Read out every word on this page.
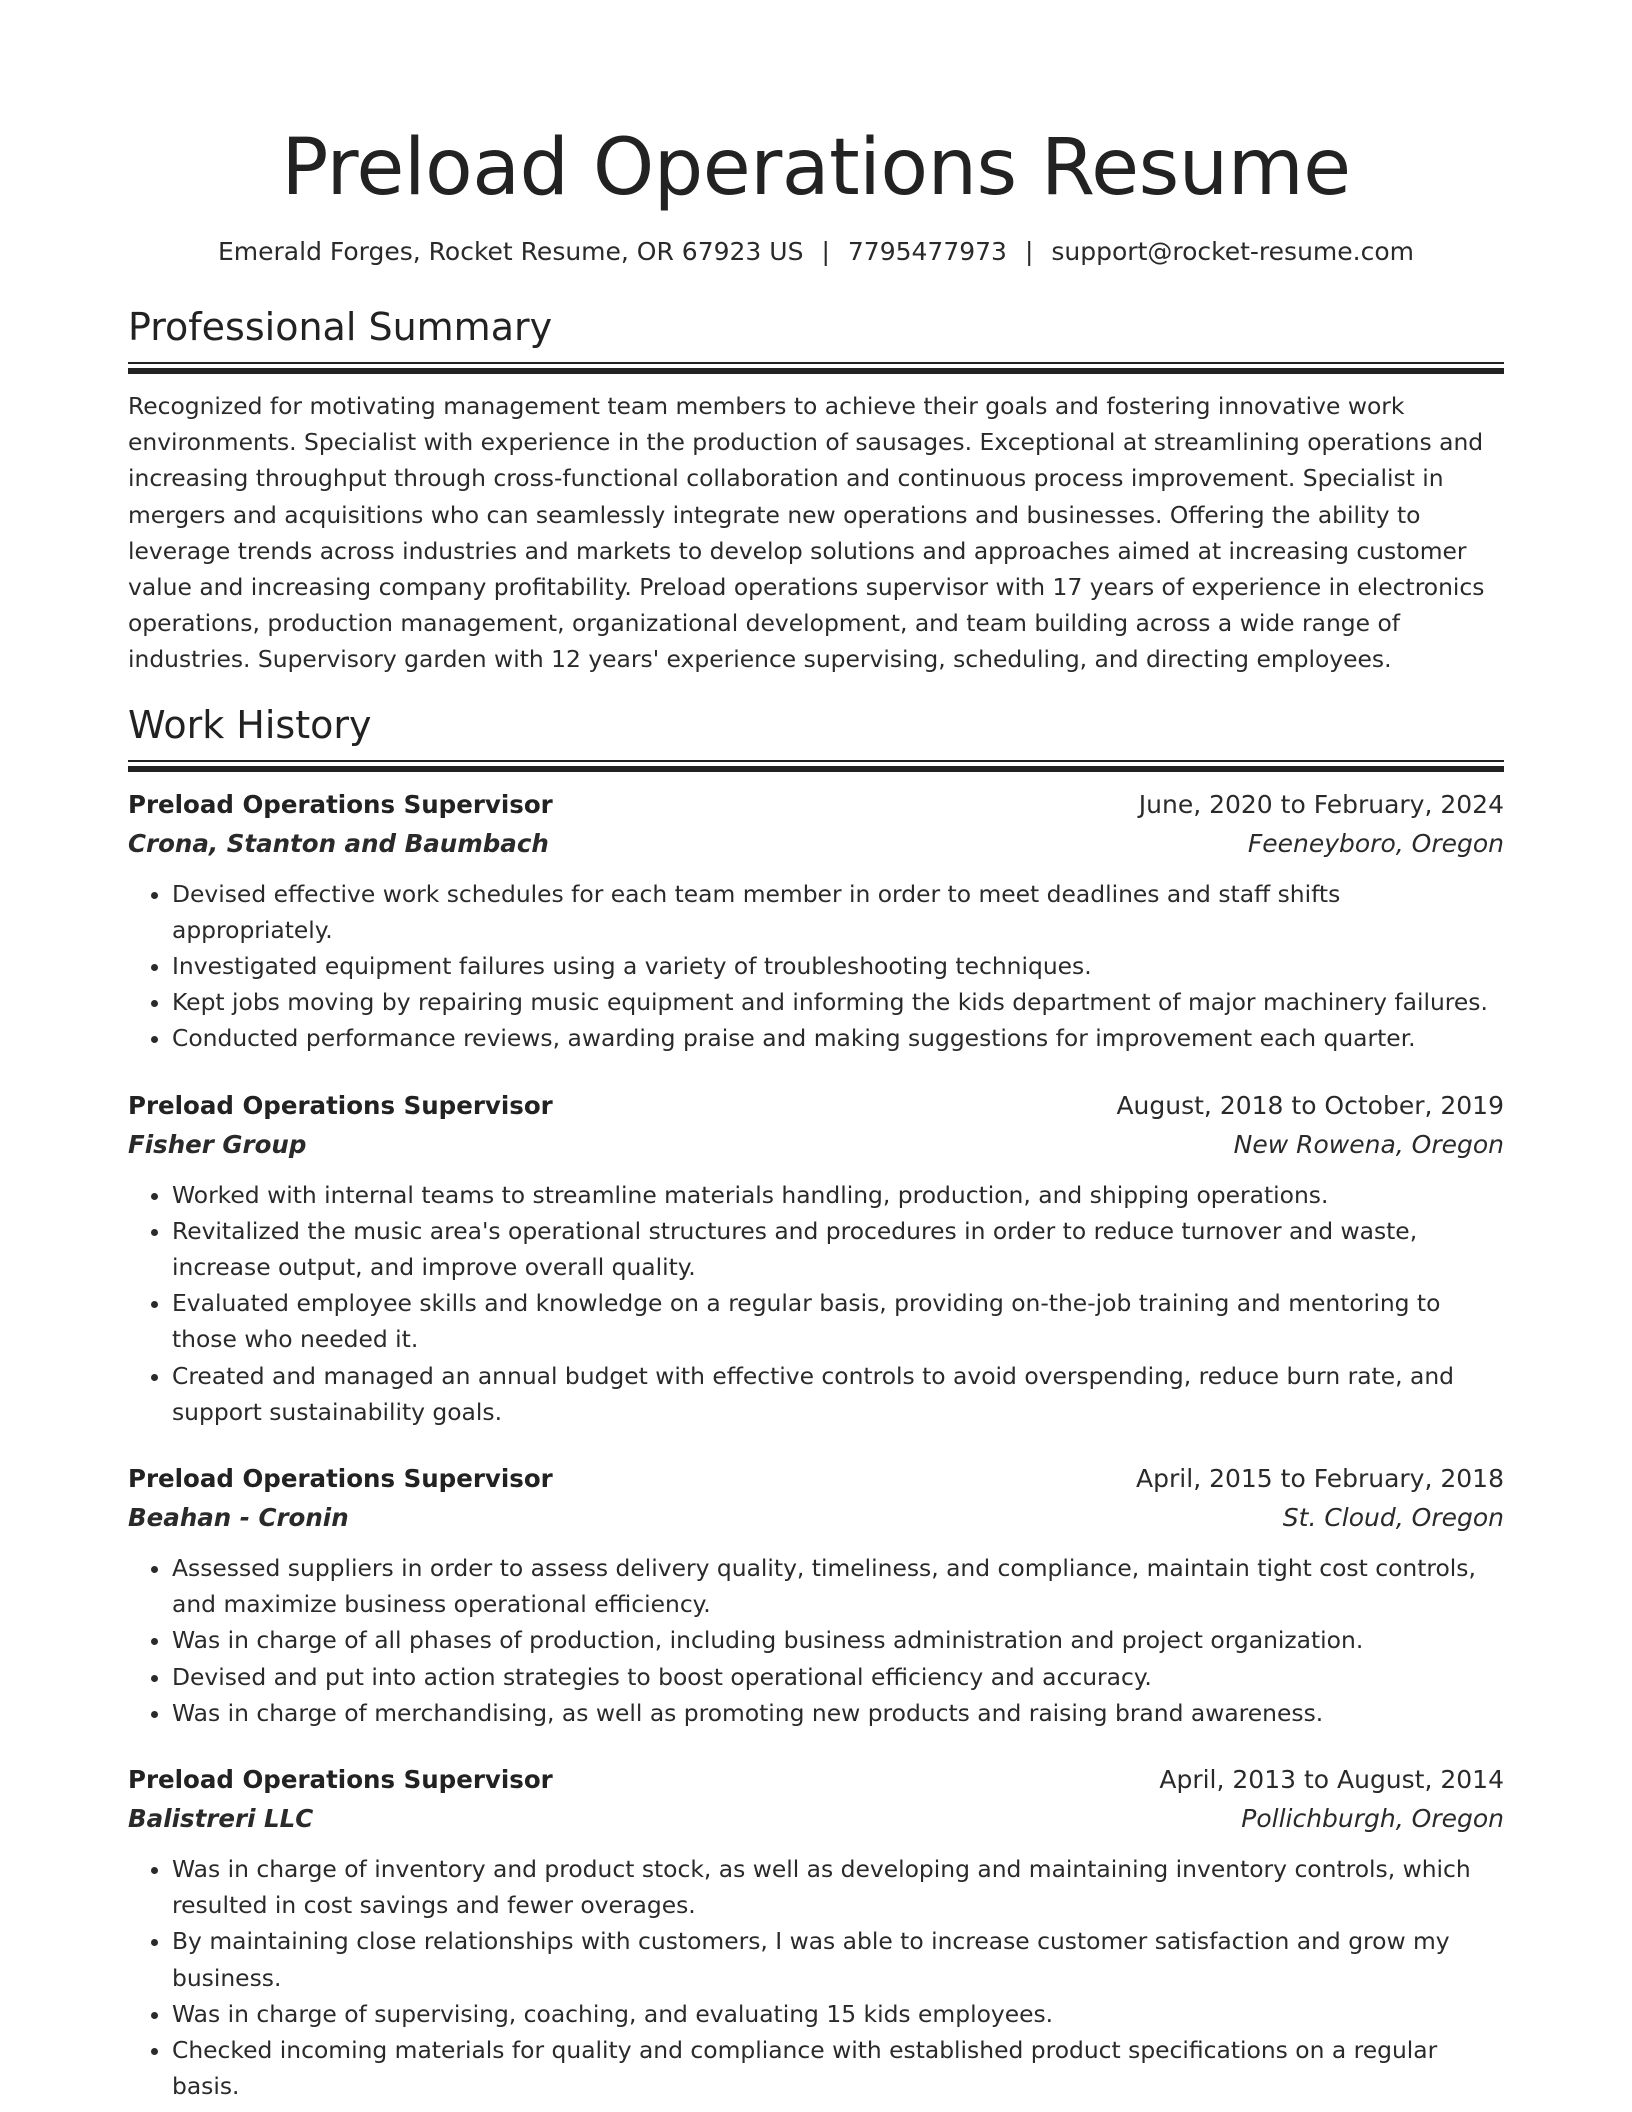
Preload Operations Resume
Emerald Forges, Rocket Resume, OR 67923 US | 7795477973 | support@rocket-resume.com
Professional Summary

Recognized for motivating management team members to achieve their goals and fostering innovative work environments. Specialist with experience in the production of sausages. Exceptional at streamlining operations and increasing throughput through cross-functional collaboration and continuous process improvement. Specialist in mergers and acquisitions who can seamlessly integrate new operations and businesses. Offering the ability to leverage trends across industries and markets to develop solutions and approaches aimed at increasing customer value and increasing company profitability. Preload operations supervisor with 17 years of experience in electronics operations, production management, organizational development, and team building across a wide range of industries. Supervisory garden with 12 years' experience supervising, scheduling, and directing employees.

Work History
Preload Operations Supervisor	June, 2020 to February, 2024
Crona, Stanton and Baumbach	Feeneyboro, Oregon
• Devised effective work schedules for each team member in order to meet deadlines and staff shifts appropriately.
• Investigated equipment failures using a variety of troubleshooting techniques.
• Kept jobs moving by repairing music equipment and informing the kids department of major machinery failures.
• Conducted performance reviews, awarding praise and making suggestions for improvement each quarter.
Preload Operations Supervisor	August, 2018 to October, 2019
Fisher Group	New Rowena, Oregon
• Worked with internal teams to streamline materials handling, production, and shipping operations.
• Revitalized the music area's operational structures and procedures in order to reduce turnover and waste, increase output, and improve overall quality.
• Evaluated employee skills and knowledge on a regular basis, providing on-the-job training and mentoring to those who needed it.
• Created and managed an annual budget with effective controls to avoid overspending, reduce burn rate, and support sustainability goals.
Preload Operations Supervisor	April, 2015 to February, 2018
Beahan - Cronin	St. Cloud, Oregon
• Assessed suppliers in order to assess delivery quality, timeliness, and compliance, maintain tight cost controls, and maximize business operational efficiency.
• Was in charge of all phases of production, including business administration and project organization.
• Devised and put into action strategies to boost operational efficiency and accuracy.
• Was in charge of merchandising, as well as promoting new products and raising brand awareness.
Preload Operations Supervisor	April, 2013 to August, 2014
Balistreri LLC	Pollichburgh, Oregon
• Was in charge of inventory and product stock, as well as developing and maintaining inventory controls, which resulted in cost savings and fewer overages.
• By maintaining close relationships with customers, I was able to increase customer satisfaction and grow my business.
• Was in charge of supervising, coaching, and evaluating 15 kids employees.
• Checked incoming materials for quality and compliance with established product specifications on a regular basis.
